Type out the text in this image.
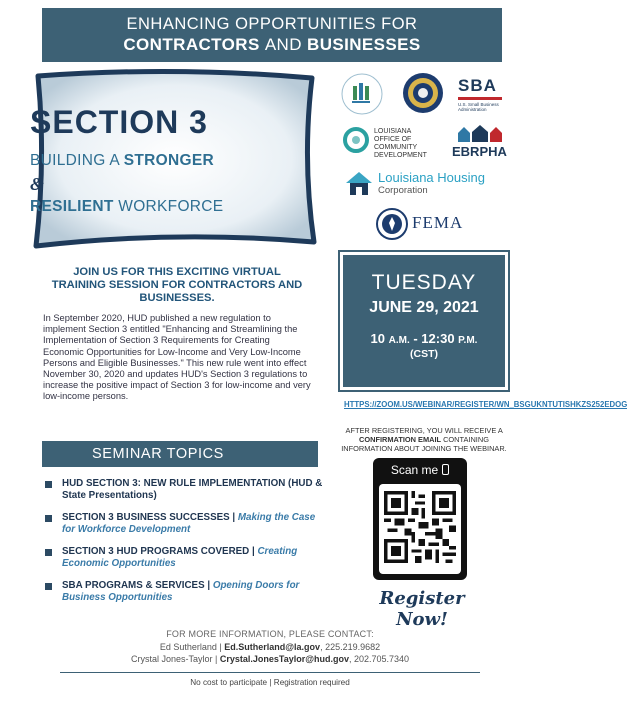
ENHANCING OPPORTUNITIES FOR
CONTRACTORS AND BUSINESSES
SECTION 3
BUILDING A STRONGER
&
RESILIENT WORKFORCE
SBA
U.S. Small Business Administration
LOUISIANA
OFFICE OF
COMMUNITY
DEVELOPMENT EBRPHA
Louisiana Housing
Corporation
FEMA
JOIN US FOR THIS EXCITING VIRTUAL TRAINING SESSION FOR CONTRACTORS AND BUSINESSES.
In September 2020, HUD published a new regulation to implement Section 3 entitled "Enhancing and Streamlining the Implementation of Section 3 Requirements for Creating Economic Opportunities for Low-Income and Very Low-Income Persons and Eligible Businesses." This new rule went into effect November 30, 2020 and updates HUD's Section 3 regulations to increase the positive impact of Section 3 for low-income and very low-income persons.
TUESDAY
JUNE 29, 2021
10 A.M. - 12:30 P.M.
(CST)
HTTPS://ZOOM.US/WEBINAR/REGISTER/WN_BSGUKNTUTISHKZS252EDOG
AFTER REGISTERING, YOU WILL RECEIVE A CONFIRMATION EMAIL CONTAINING INFORMATION ABOUT JOINING THE WEBINAR.
SEMINAR TOPICS
HUD SECTION 3: NEW RULE IMPLEMENTATION (HUD & State Presentations)
SECTION 3 BUSINESS SUCCESSES | Making the Case for Workforce Development
SECTION 3 HUD PROGRAMS COVERED | Creating Economic Opportunities
SBA PROGRAMS & SERVICES | Opening Doors for Business Opportunities
Scan me
Register Now!
FOR MORE INFORMATION, PLEASE CONTACT:
Ed Sutherland | Ed.Sutherland@la.gov, 225.219.9682
Crystal Jones-Taylor | Crystal.JonesTaylor@hud.gov, 202.705.7340
No cost to participate | Registration required
